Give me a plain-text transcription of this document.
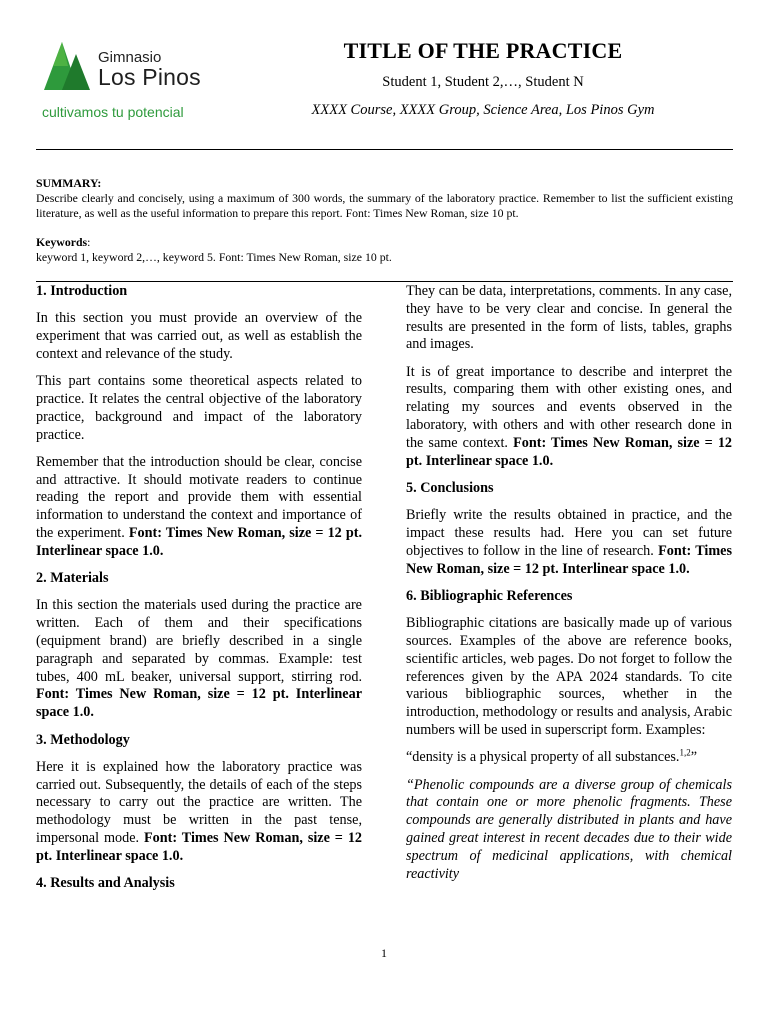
Gimnasio
Los Pinos
cultivamos tu potencial
TITLE OF THE PRACTICE
Student 1, Student 2,…, Student N
XXXX Course, XXXX Group, Science Area, Los Pinos Gym
SUMMARY:
Describe clearly and concisely, using a maximum of 300 words, the summary of the laboratory practice. Remember to list the sufficient existing literature, as well as the useful information to prepare this report. Font: Times New Roman, size 10 pt.
Keywords:
keyword 1, keyword 2,…, keyword 5. Font: Times New Roman, size 10 pt.
1. Introduction

In this section you must provide an overview of the experiment that was carried out, as well as establish the context and relevance of the study.

This part contains some theoretical aspects related to practice. It relates the central objective of the laboratory practice, background and impact of the laboratory practice.

Remember that the introduction should be clear, concise and attractive. It should motivate readers to continue reading the report and provide them with essential information to understand the context and importance of the experiment. Font: Times New Roman, size = 12 pt. Interlinear space 1.0.

2. Materials

In this section the materials used during the practice are written. Each of them and their specifications (equipment brand) are briefly described in a single paragraph and separated by commas. Example: test tubes, 400 mL beaker, universal support, stirring rod. Font: Times New Roman, size = 12 pt. Interlinear space 1.0.

3. Methodology

Here it is explained how the laboratory practice was carried out. Subsequently, the details of each of the steps necessary to carry out the practice are written. The methodology must be written in the past tense, impersonal mode. Font: Times New Roman, size = 12 pt. Interlinear space 1.0.

4. Results and Analysis

They can be data, interpretations, comments. In any case, they have to be very clear and concise. In general the results are presented in the form of lists, tables, graphs and images.

It is of great importance to describe and interpret the results, comparing them with other existing ones, and relating my sources and events observed in the laboratory, with others and with other research done in the same context. Font: Times New Roman, size = 12 pt. Interlinear space 1.0.

5. Conclusions

Briefly write the results obtained in practice, and the impact these results had. Here you can set future objectives to follow in the line of research. Font: Times New Roman, size = 12 pt. Interlinear space 1.0.

6. Bibliographic References

Bibliographic citations are basically made up of various sources. Examples of the above are reference books, scientific articles, web pages. Do not forget to follow the references given by the APA 2024 standards. To cite various bibliographic sources, whether in the introduction, methodology or results and analysis, Arabic numbers will be used in superscript form. Examples:

“density is a physical property of all substances.$^{1,2}$”

“Phenolic compounds are a diverse group of chemicals that contain one or more phenolic fragments. These compounds are generally distributed in plants and have gained great interest in recent decades due to their wide spectrum of medicinal applications, with chemical reactivity

1
